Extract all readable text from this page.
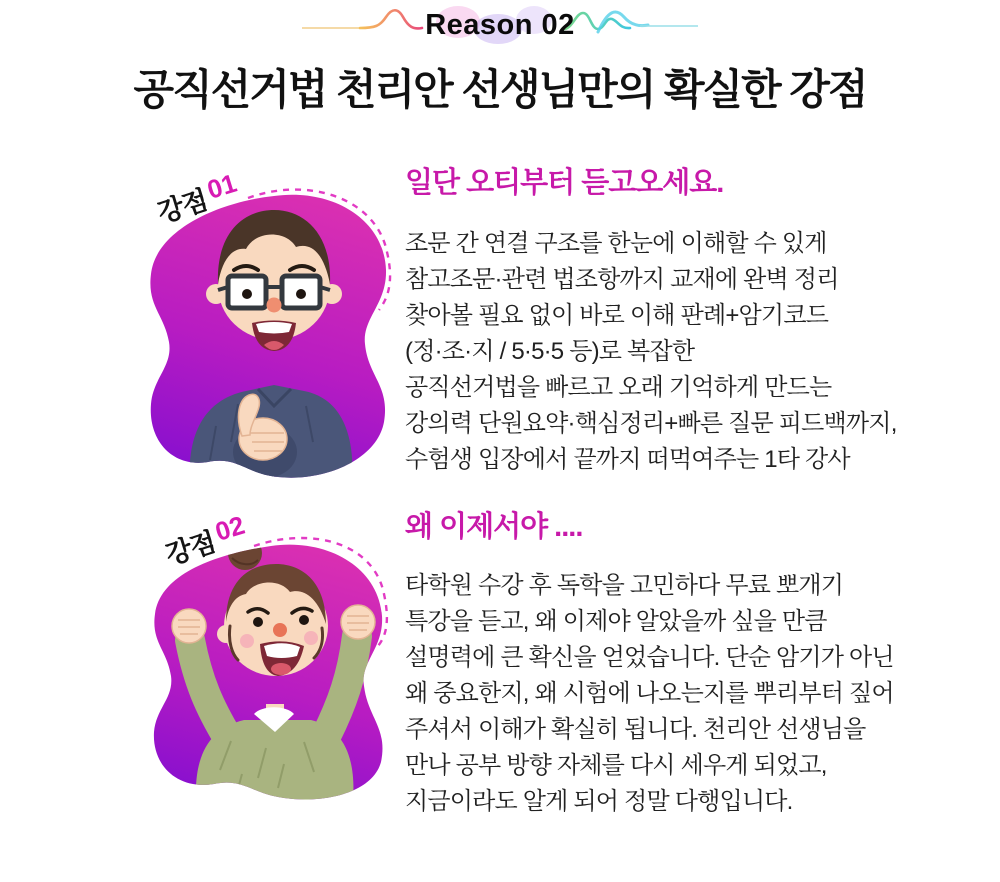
Reason 02
공직선거법 천리안 선생님만의 확실한 강점
강점01	일단 오티부터 듣고오세요.
조문 간 연결 구조를 한눈에 이해할 수 있게
참고조문·관련 법조항까지 교재에 완벽 정리
찾아볼 필요 없이 바로 이해 판례+암기코드
(정·조·지 / 5·5·5 등)로 복잡한
공직선거법을 빠르고 오래 기억하게 만드는
강의력 단원요약·핵심정리+빠른 질문 피드백까지,
수험생 입장에서 끝까지 떠먹여주는 1타 강사
강점02	왜 이제서야 ....
타학원 수강 후 독학을 고민하다 무료 뽀개기
특강을 듣고, 왜 이제야 알았을까 싶을 만큼
설명력에 큰 확신을 얻었습니다. 단순 암기가 아닌
왜 중요한지, 왜 시험에 나오는지를 뿌리부터 짚어
주셔서 이해가 확실히 됩니다. 천리안 선생님을
만나 공부 방향 자체를 다시 세우게 되었고,
지금이라도 알게 되어 정말 다행입니다.
